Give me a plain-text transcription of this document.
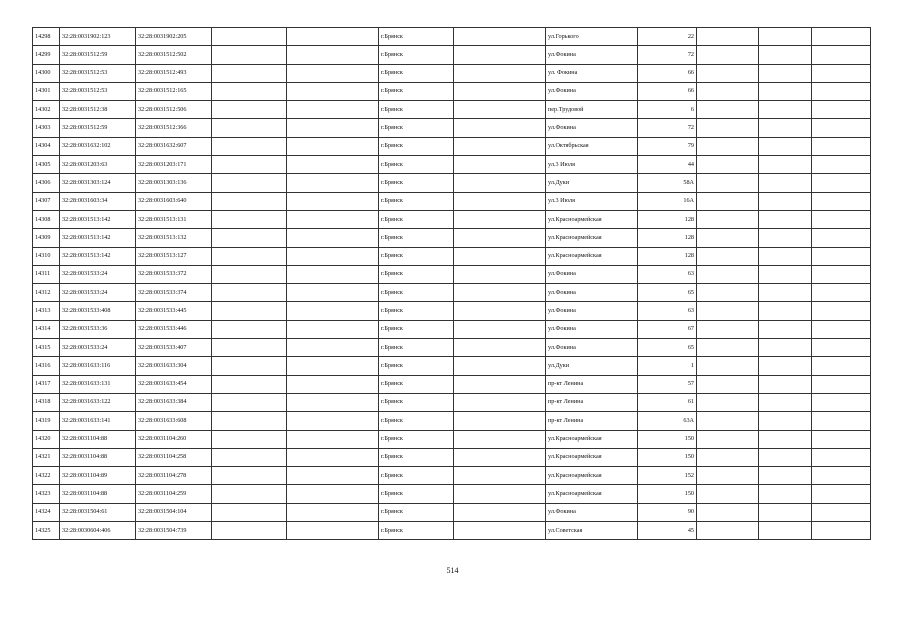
14298	32:28:0031902:123	32:28:0031902:205			г.Брянск		ул.Горького	22			
14299	32:28:0031512:59	32:28:0031512:502			г.Брянск		ул.Фокина	72			
14300	32:28:0031512:53	32:28:0031512:493			г.Брянск		ул. Фокина	66			
14301	32:28:0031512:53	32:28:0031512:165			г.Брянск		ул.Фокина	66			
14302	32:28:0031512:38	32:28:0031512:506			г.Брянск		пер.Трудовой	6			
14303	32:28:0031512:59	32:28:0031512:366			г.Брянск		ул.Фокина	72			
14304	32:28:0031632:102	32:28:0031632:607			г.Брянск		ул.Октябрьская	79			
14305	32:28:0031203:63	32:28:0031203:171			г.Брянск		ул.3 Июля	44			
14306	32:28:0031303:124	32:28:0031303:136			г.Брянск		ул.Дуки	58А			
14307	32:28:0031603:34	32:28:0031603:640			г.Брянск		ул.3 Июля	16А			
14308	32:28:0031513:142	32:28:0031513:131			г.Брянск		ул.Красноармейская	128			
14309	32:28:0031513:142	32:28:0031513:132			г.Брянск		ул.Красноармейская	128			
14310	32:28:0031513:142	32:28:0031513:127			г.Брянск		ул.Красноармейская	128			
14311	32:28:0031533:24	32:28:0031533:372			г.Брянск		ул.Фокина	63			
14312	32:28:0031533:24	32:28:0031533:374			г.Брянск		ул.Фокина	65			
14313	32:28:0031533:408	32:28:0031533:445			г.Брянск		ул.Фокина	63			
14314	32:28:0031533:36	32:28:0031533:446			г.Брянск		ул.Фокина	67			
14315	32:28:0031533:24	32:28:0031533:407			г.Брянск		ул.Фокина	65			
14316	32:28:0031633:116	32:28:0031633:304			г.Брянск		ул.Дуки	1			
14317	32:28:0031633:131	32:28:0031633:454			г.Брянск		пр-кт Ленина	57			
14318	32:28:0031633:122	32:28:0031633:384			г.Брянск		пр-кт Ленина	61			
14319	32:28:0031633:141	32:28:0031633:608			г.Брянск		пр-кт Ленина	63А			
14320	32:28:0031104:88	32:28:0031104:260			г.Брянск		ул.Красноармейская	150			
14321	32:28:0031104:88	32:28:0031104:258			г.Брянск		ул.Красноармейская	150			
14322	32:28:0031104:89	32:28:0031104:278			г.Брянск		ул.Красноармейская	152			
14323	32:28:0031104:88	32:28:0031104:259			г.Брянск		ул.Красноармейская	150			
14324	32:28:0031504:61	32:28:0031504:104			г.Брянск		ул.Фокина	90			
14325	32:28:0030604:406	32:28:0031504:739			г.Брянск		ул.Советская	45			
514
